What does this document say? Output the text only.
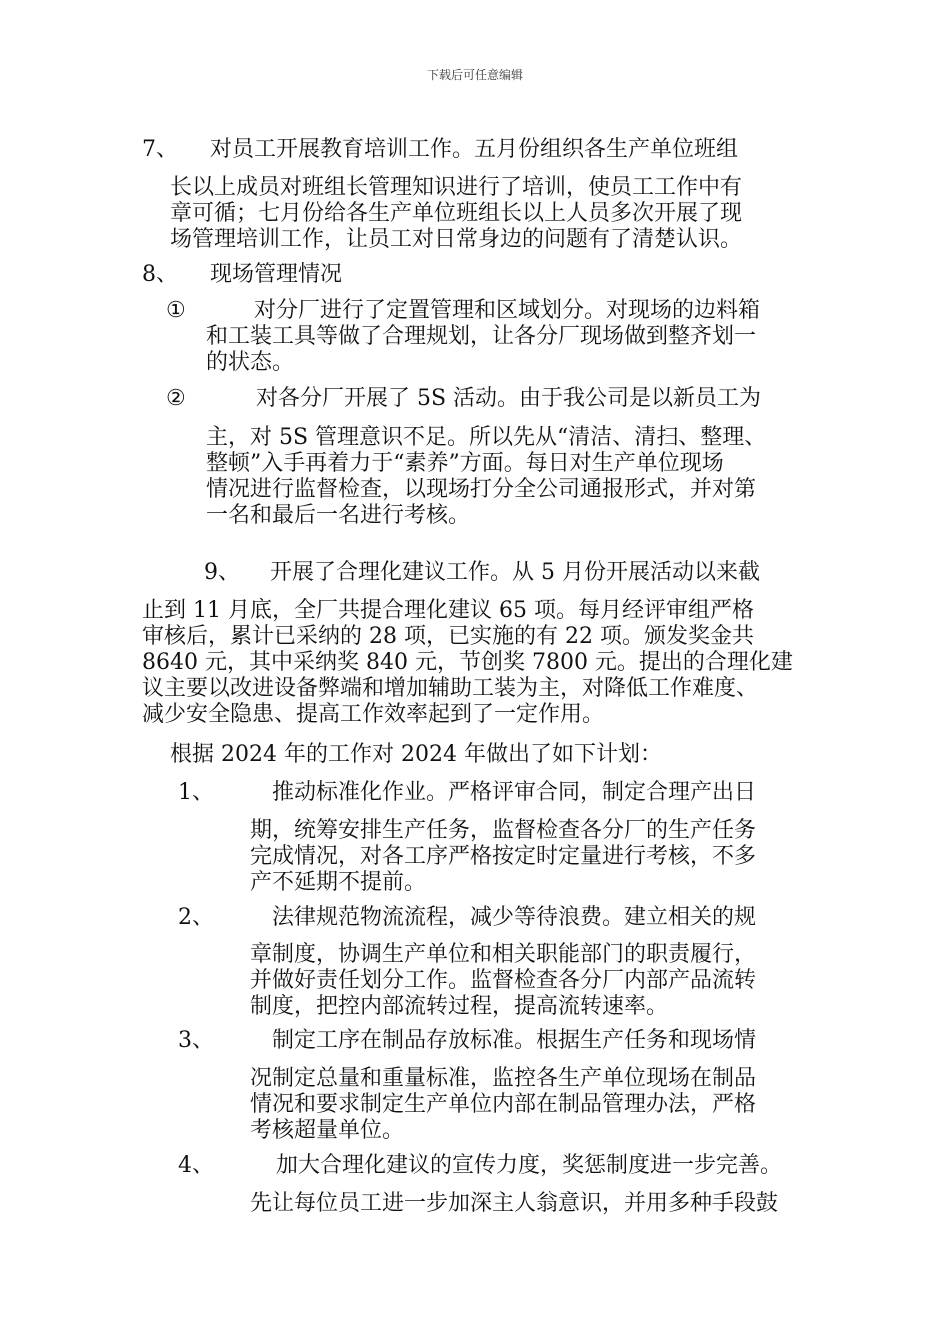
下载后可任意编辑
7、 对员工开展教育培训工作。五月份组织各生产单位班组
长以上成员对班组长管理知识进行了培训，使员工工作中有
章可循；七月份给各生产单位班组长以上人员多次开展了现
场管理培训工作，让员工对日常身边的问题有了清楚认识。
8、 现场管理情况
①	对分厂进行了定置管理和区域划分。对现场的边料箱
和工装工具等做了合理规划，让各分厂现场做到整齐划一
的状态。
②	对各分厂开展了 5S 活动。由于我公司是以新员工为
主，对 5S 管理意识不足。所以先从“清洁、清扫、整理、
整顿”入手再着力于“素养”方面。每日对生产单位现场
情况进行监督检查，以现场打分全公司通报形式，并对第
一名和最后一名进行考核。
9、 开展了合理化建议工作。从 5 月份开展活动以来截
止到 11 月底，全厂共提合理化建议 65 项。每月经评审组严格
审核后，累计已采纳的 28 项，已实施的有 22 项。颁发奖金共
8640 元，其中采纳奖 840 元，节创奖 7800 元。提出的合理化建
议主要以改进设备弊端和增加辅助工装为主，对降低工作难度、
减少安全隐患、提高工作效率起到了一定作用。
根据 2024 年的工作对 2024 年做出了如下计划：
1、	推动标准化作业。严格评审合同，制定合理产出日
期，统筹安排生产任务，监督检查各分厂的生产任务
完成情况，对各工序严格按定时定量进行考核，不多
产不延期不提前。
2、	法律规范物流流程，减少等待浪费。建立相关的规
章制度，协调生产单位和相关职能部门的职责履行，
并做好责任划分工作。监督检查各分厂内部产品流转
制度，把控内部流转过程，提高流转速率。
3、	制定工序在制品存放标准。根据生产任务和现场情
况制定总量和重量标准，监控各生产单位现场在制品
情况和要求制定生产单位内部在制品管理办法，严格
考核超量单位。
4、	加大合理化建议的宣传力度，奖惩制度进一步完善。
先让每位员工进一步加深主人翁意识，并用多种手段鼓
